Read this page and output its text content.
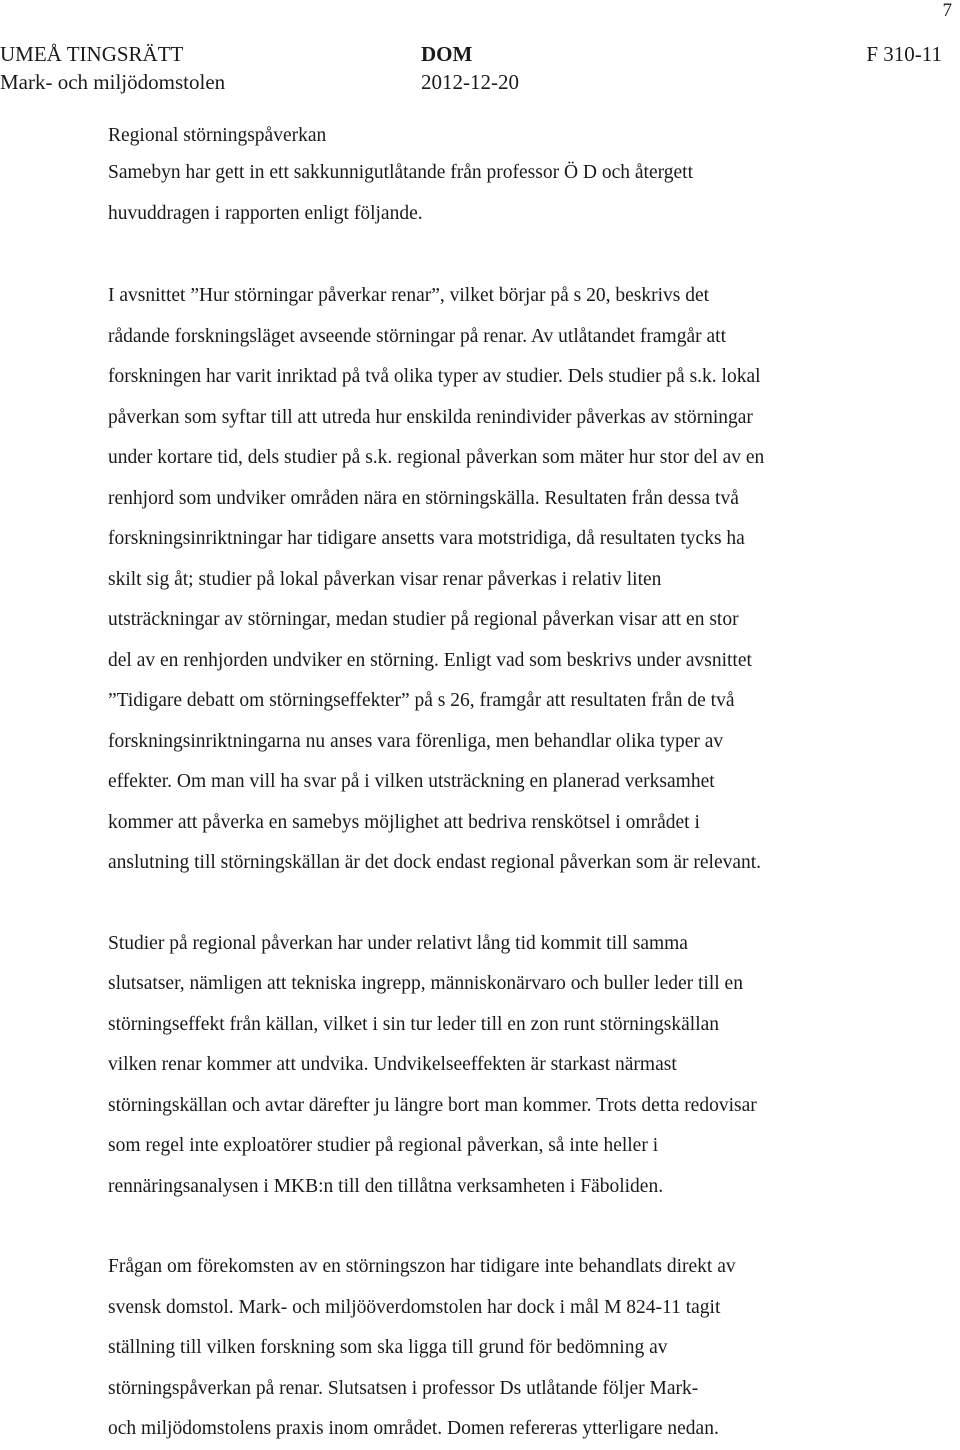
7
UMEÅ TINGSRÄTT
Mark- och miljödomstolen
DOM
2012-12-20
F 310-11
Regional störningspåverkan
Samebyn har gett in ett sakkunnigutlåtande från professor Ö D och återgett
huvuddragen i rapporten enligt följande.
I avsnittet ”Hur störningar påverkar renar”, vilket börjar på s 20, beskrivs det
rådande forskningsläget avseende störningar på renar. Av utlåtandet framgår att
forskningen har varit inriktad på två olika typer av studier. Dels studier på s.k. lokal
påverkan som syftar till att utreda hur enskilda renindivider påverkas av störningar
under kortare tid, dels studier på s.k. regional påverkan som mäter hur stor del av en
renhjord som undviker områden nära en störningskälla. Resultaten från dessa två
forskningsinriktningar har tidigare ansetts vara motstridiga, då resultaten tycks ha
skilt sig åt; studier på lokal påverkan visar renar påverkas i relativ liten
utsträckningar av störningar, medan studier på regional påverkan visar att en stor
del av en renhjorden undviker en störning. Enligt vad som beskrivs under avsnittet
”Tidigare debatt om störningseffekter” på s 26, framgår att resultaten från de två
forskningsinriktningarna nu anses vara förenliga, men behandlar olika typer av
effekter. Om man vill ha svar på i vilken utsträckning en planerad verksamhet
kommer att påverka en samebys möjlighet att bedriva renskötsel i området i
anslutning till störningskällan är det dock endast regional påverkan som är relevant.
Studier på regional påverkan har under relativt lång tid kommit till samma
slutsatser, nämligen att tekniska ingrepp, människonärvaro och buller leder till en
störningseffekt från källan, vilket i sin tur leder till en zon runt störningskällan
vilken renar kommer att undvika. Undvikelseeffekten är starkast närmast
störningskällan och avtar därefter ju längre bort man kommer. Trots detta redovisar
som regel inte exploatörer studier på regional påverkan, så inte heller i
rennäringsanalysen i MKB:n till den tillåtna verksamheten i Fäboliden.
Frågan om förekomsten av en störningszon har tidigare inte behandlats direkt av
svensk domstol. Mark- och miljööverdomstolen har dock i mål M 824-11 tagit
ställning till vilken forskning som ska ligga till grund för bedömning av
störningspåverkan på renar. Slutsatsen i professor Ds utlåtande följer Mark-
och miljödomstolens praxis inom området. Domen refereras ytterligare nedan.
